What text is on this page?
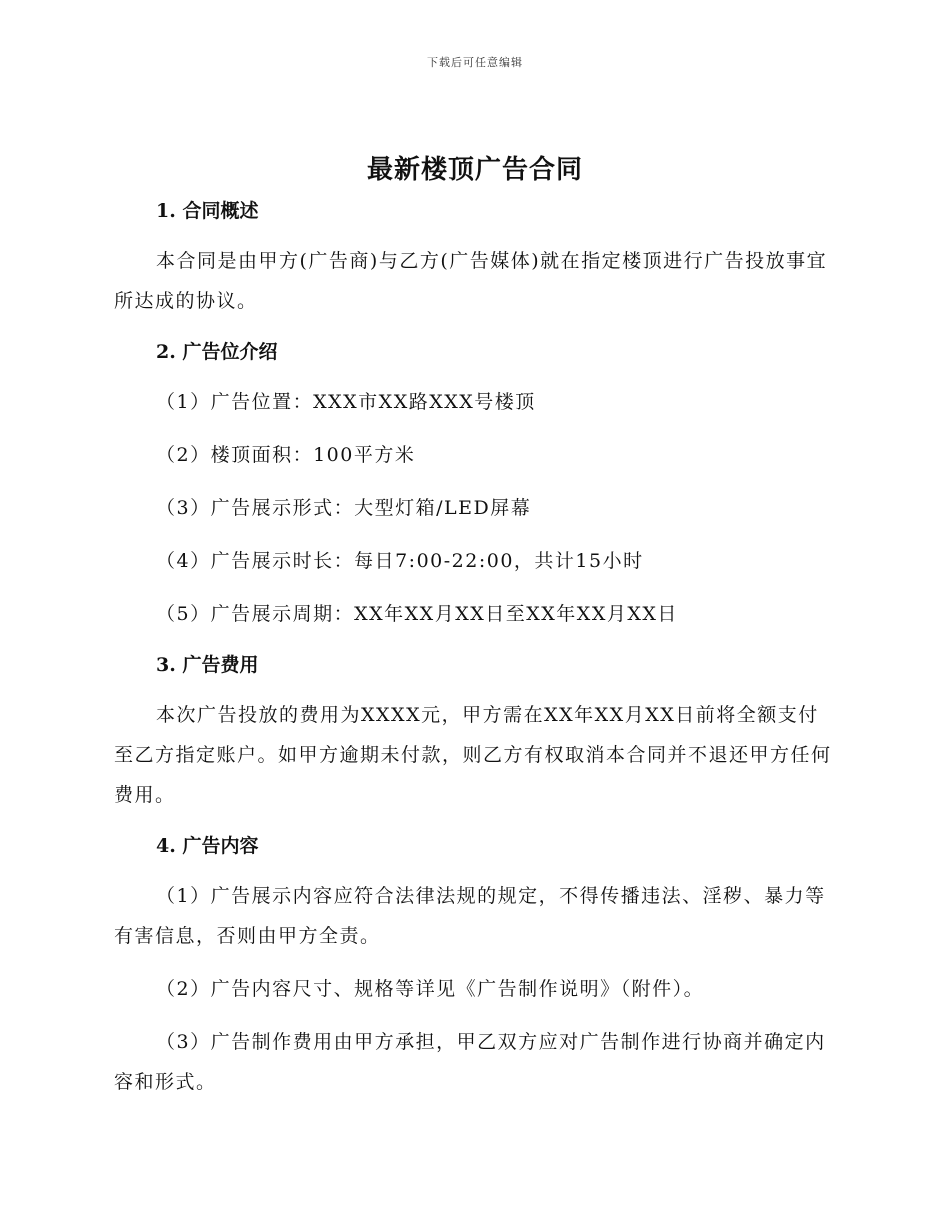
下载后可任意编辑
最新楼顶广告合同

1. 合同概述

本合同是由甲方(广告商)与乙方(广告媒体)就在指定楼顶进行广告投放事宜所达成的协议。

2. 广告位介绍

（1）广告位置：XXX市XX路XXX号楼顶

（2）楼顶面积：100平方米

（3）广告展示形式：大型灯箱/LED屏幕

（4）广告展示时长：每日7:00-22:00，共计15小时

（5）广告展示周期：XX年XX月XX日至XX年XX月XX日

3. 广告费用

本次广告投放的费用为XXXX元，甲方需在XX年XX月XX日前将全额支付至乙方指定账户。如甲方逾期未付款，则乙方有权取消本合同并不退还甲方任何费用。

4. 广告内容

（1）广告展示内容应符合法律法规的规定，不得传播违法、淫秽、暴力等有害信息，否则由甲方全责。

（2）广告内容尺寸、规格等详见《广告制作说明》（附件）。

（3）广告制作费用由甲方承担，甲乙双方应对广告制作进行协商并确定内容和形式。
